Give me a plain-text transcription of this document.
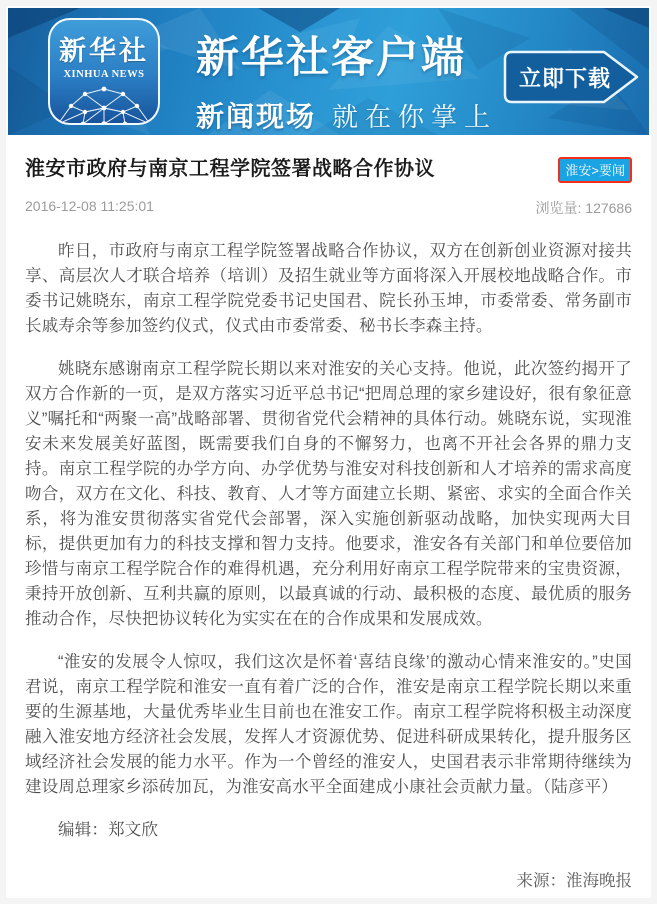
新华社
XINHUA NEWS	新华社客户端
新闻现场 就在你掌上
立即下载
淮安市政府与南京工程学院签署战略合作协议	淮安>要闻
2016-12-08 11:25:01	浏览量: 127686

昨日，市政府与南京工程学院签署战略合作协议，双方在创新创业资源对接共享、高层次人才联合培养（培训）及招生就业等方面将深入开展校地战略合作。市委书记姚晓东，南京工程学院党委书记史国君、院长孙玉坤，市委常委、常务副市长戚寿余等参加签约仪式，仪式由市委常委、秘书长李森主持。

姚晓东感谢南京工程学院长期以来对淮安的关心支持。他说，此次签约揭开了双方合作新的一页，是双方落实习近平总书记“把周总理的家乡建设好，很有象征意义”嘱托和“两聚一高”战略部署、贯彻省党代会精神的具体行动。姚晓东说，实现淮安未来发展美好蓝图，既需要我们自身的不懈努力，也离不开社会各界的鼎力支持。南京工程学院的办学方向、办学优势与淮安对科技创新和人才培养的需求高度吻合，双方在文化、科技、教育、人才等方面建立长期、紧密、求实的全面合作关系，将为淮安贯彻落实省党代会部署，深入实施创新驱动战略，加快实现两大目标，提供更加有力的科技支撑和智力支持。他要求，淮安各有关部门和单位要倍加珍惜与南京工程学院合作的难得机遇，充分利用好南京工程学院带来的宝贵资源，秉持开放创新、互利共赢的原则，以最真诚的行动、最积极的态度、最优质的服务推动合作，尽快把协议转化为实实在在的合作成果和发展成效。

“淮安的发展令人惊叹，我们这次是怀着‘喜结良缘’的激动心情来淮安的。”史国君说，南京工程学院和淮安一直有着广泛的合作，淮安是南京工程学院长期以来重要的生源基地，大量优秀毕业生目前也在淮安工作。南京工程学院将积极主动深度融入淮安地方经济社会发展，发挥人才资源优势、促进科研成果转化，提升服务区域经济社会发展的能力水平。作为一个曾经的淮安人，史国君表示非常期待继续为建设周总理家乡添砖加瓦，为淮安高水平全面建成小康社会贡献力量。（陆彦平）

编辑：郑文欣

来源：淮海晚报
